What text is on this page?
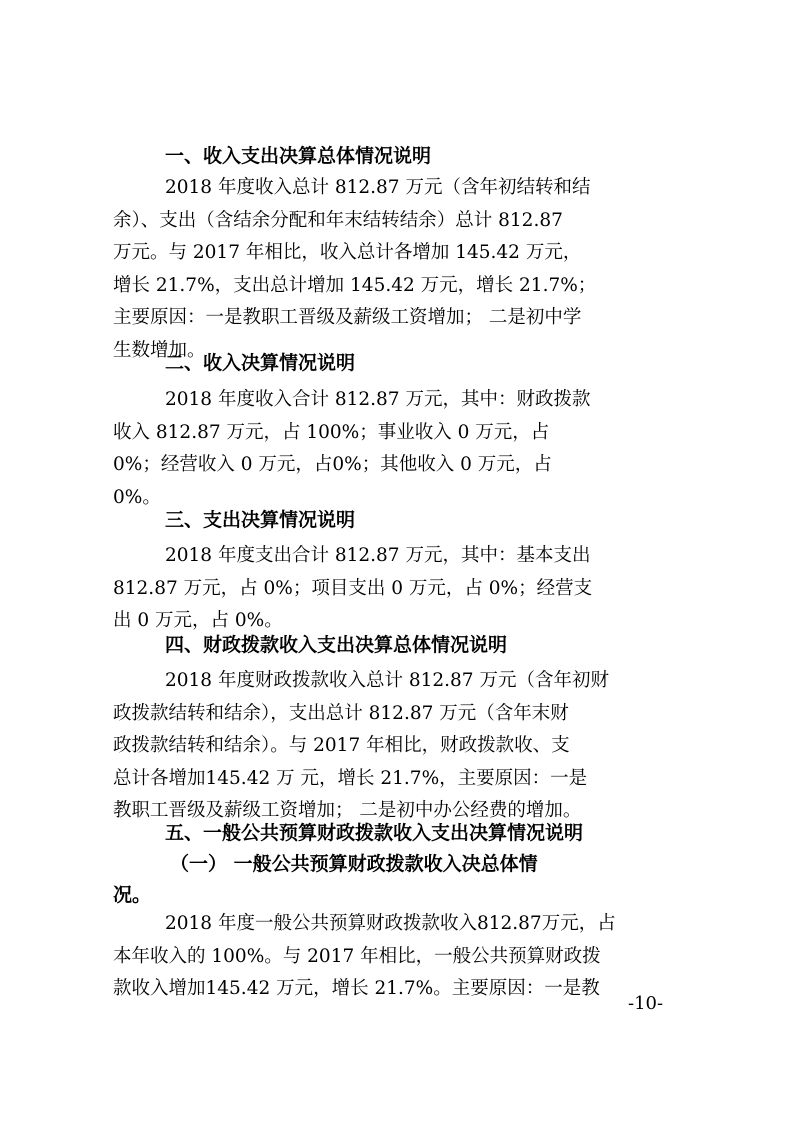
一、收入支出决算总体情况说明
2018 年度收入总计 812.87 万元（含年初结转和结
余）、支出（含结余分配和年末结转结余）总计 812.87
万元。与 2017 年相比，收入总计各增加 145.42 万元，
增长 21.7%，支出总计增加 145.42 万元，增长 21.7%；
主要原因：一是教职工晋级及薪级工资增加； 二是初中学
生数增加。
二、收入决算情况说明
2018 年度收入合计 812.87 万元，其中：财政拨款
收入 812.87 万元，占 100%；事业收入 0 万元，占
0%；经营收入 0 万元，占0%；其他收入 0 万元，占
0%。
三、支出决算情况说明
2018 年度支出合计 812.87 万元，其中：基本支出
812.87 万元，占 0%；项目支出 0 万元，占 0%；经营支
出 0 万元，占 0%。
四、财政拨款收入支出决算总体情况说明
2018 年度财政拨款收入总计 812.87 万元（含年初财
政拨款结转和结余），支出总计 812.87 万元（含年末财
政拨款结转和结余）。与 2017 年相比，财政拨款收、支
总计各增加145.42 万 元，增长 21.7%，主要原因：一是
教职工晋级及薪级工资增加； 二是初中办公经费的增加。
五、一般公共预算财政拨款收入支出决算情况说明
（一） 一般公共预算财政拨款收入决总体情
况。
2018 年度一般公共预算财政拨款收入812.87万元，占
本年收入的 100%。与 2017 年相比，一般公共预算财政拨
款收入增加145.42 万元，增长 21.7%。主要原因：一是教
-10-
